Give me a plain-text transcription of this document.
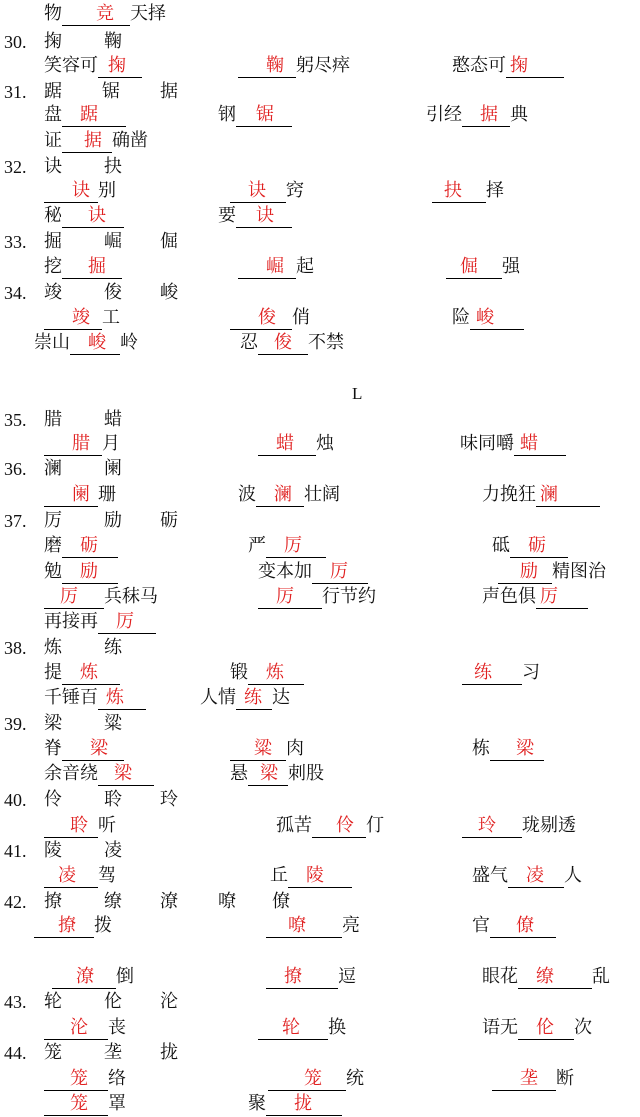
L
物 竞 天择
30. 掬 鞠
笑容可 掬	鞠 躬尽瘁	憨态可 掬
31. 踞 锯 据
盘 踞	钢 锯	引经 据 典
证 据 确凿
32. 诀 抉
诀 别	诀 窍	抉 择
秘 诀	要 诀
33. 掘 崛 倔
挖 掘	崛 起	倔 强
34. 竣 俊 峻
竣 工	俊 俏	险 峻
崇山 峻 岭	忍 俊 不禁
35. 腊 蜡
腊 月	蜡 烛	味同嚼 蜡
36. 澜 阑
阑 珊	波 澜 壮阔	力挽狂 澜
37. 厉 励 砺
磨 砺	严 厉	砥 砺
勉 励	变本加 厉	励 精图治
厉 兵秣马	厉 行节约	声色俱 厉
再接再 厉
38. 炼 练
提 炼	锻 炼	练 习
千锤百 炼	人情 练 达
39. 梁 粱
脊 梁	粱 肉	栋 梁
余音绕 梁	悬 梁 刺股
40. 伶 聆 玲
聆 听	孤苦 伶 仃	玲 珑剔透
41. 陵 凌
凌 驾	丘 陵	盛气 凌 人
42. 撩 缭 潦 嘹 僚
撩 拨	嘹 亮	官 僚
潦 倒	撩 逗	眼花 缭 乱
43. 轮 伦 沦
沦 丧	轮 换	语无 伦 次
44. 笼 垄 拢
笼 络	笼 统	垄 断
笼 罩	聚 拢
